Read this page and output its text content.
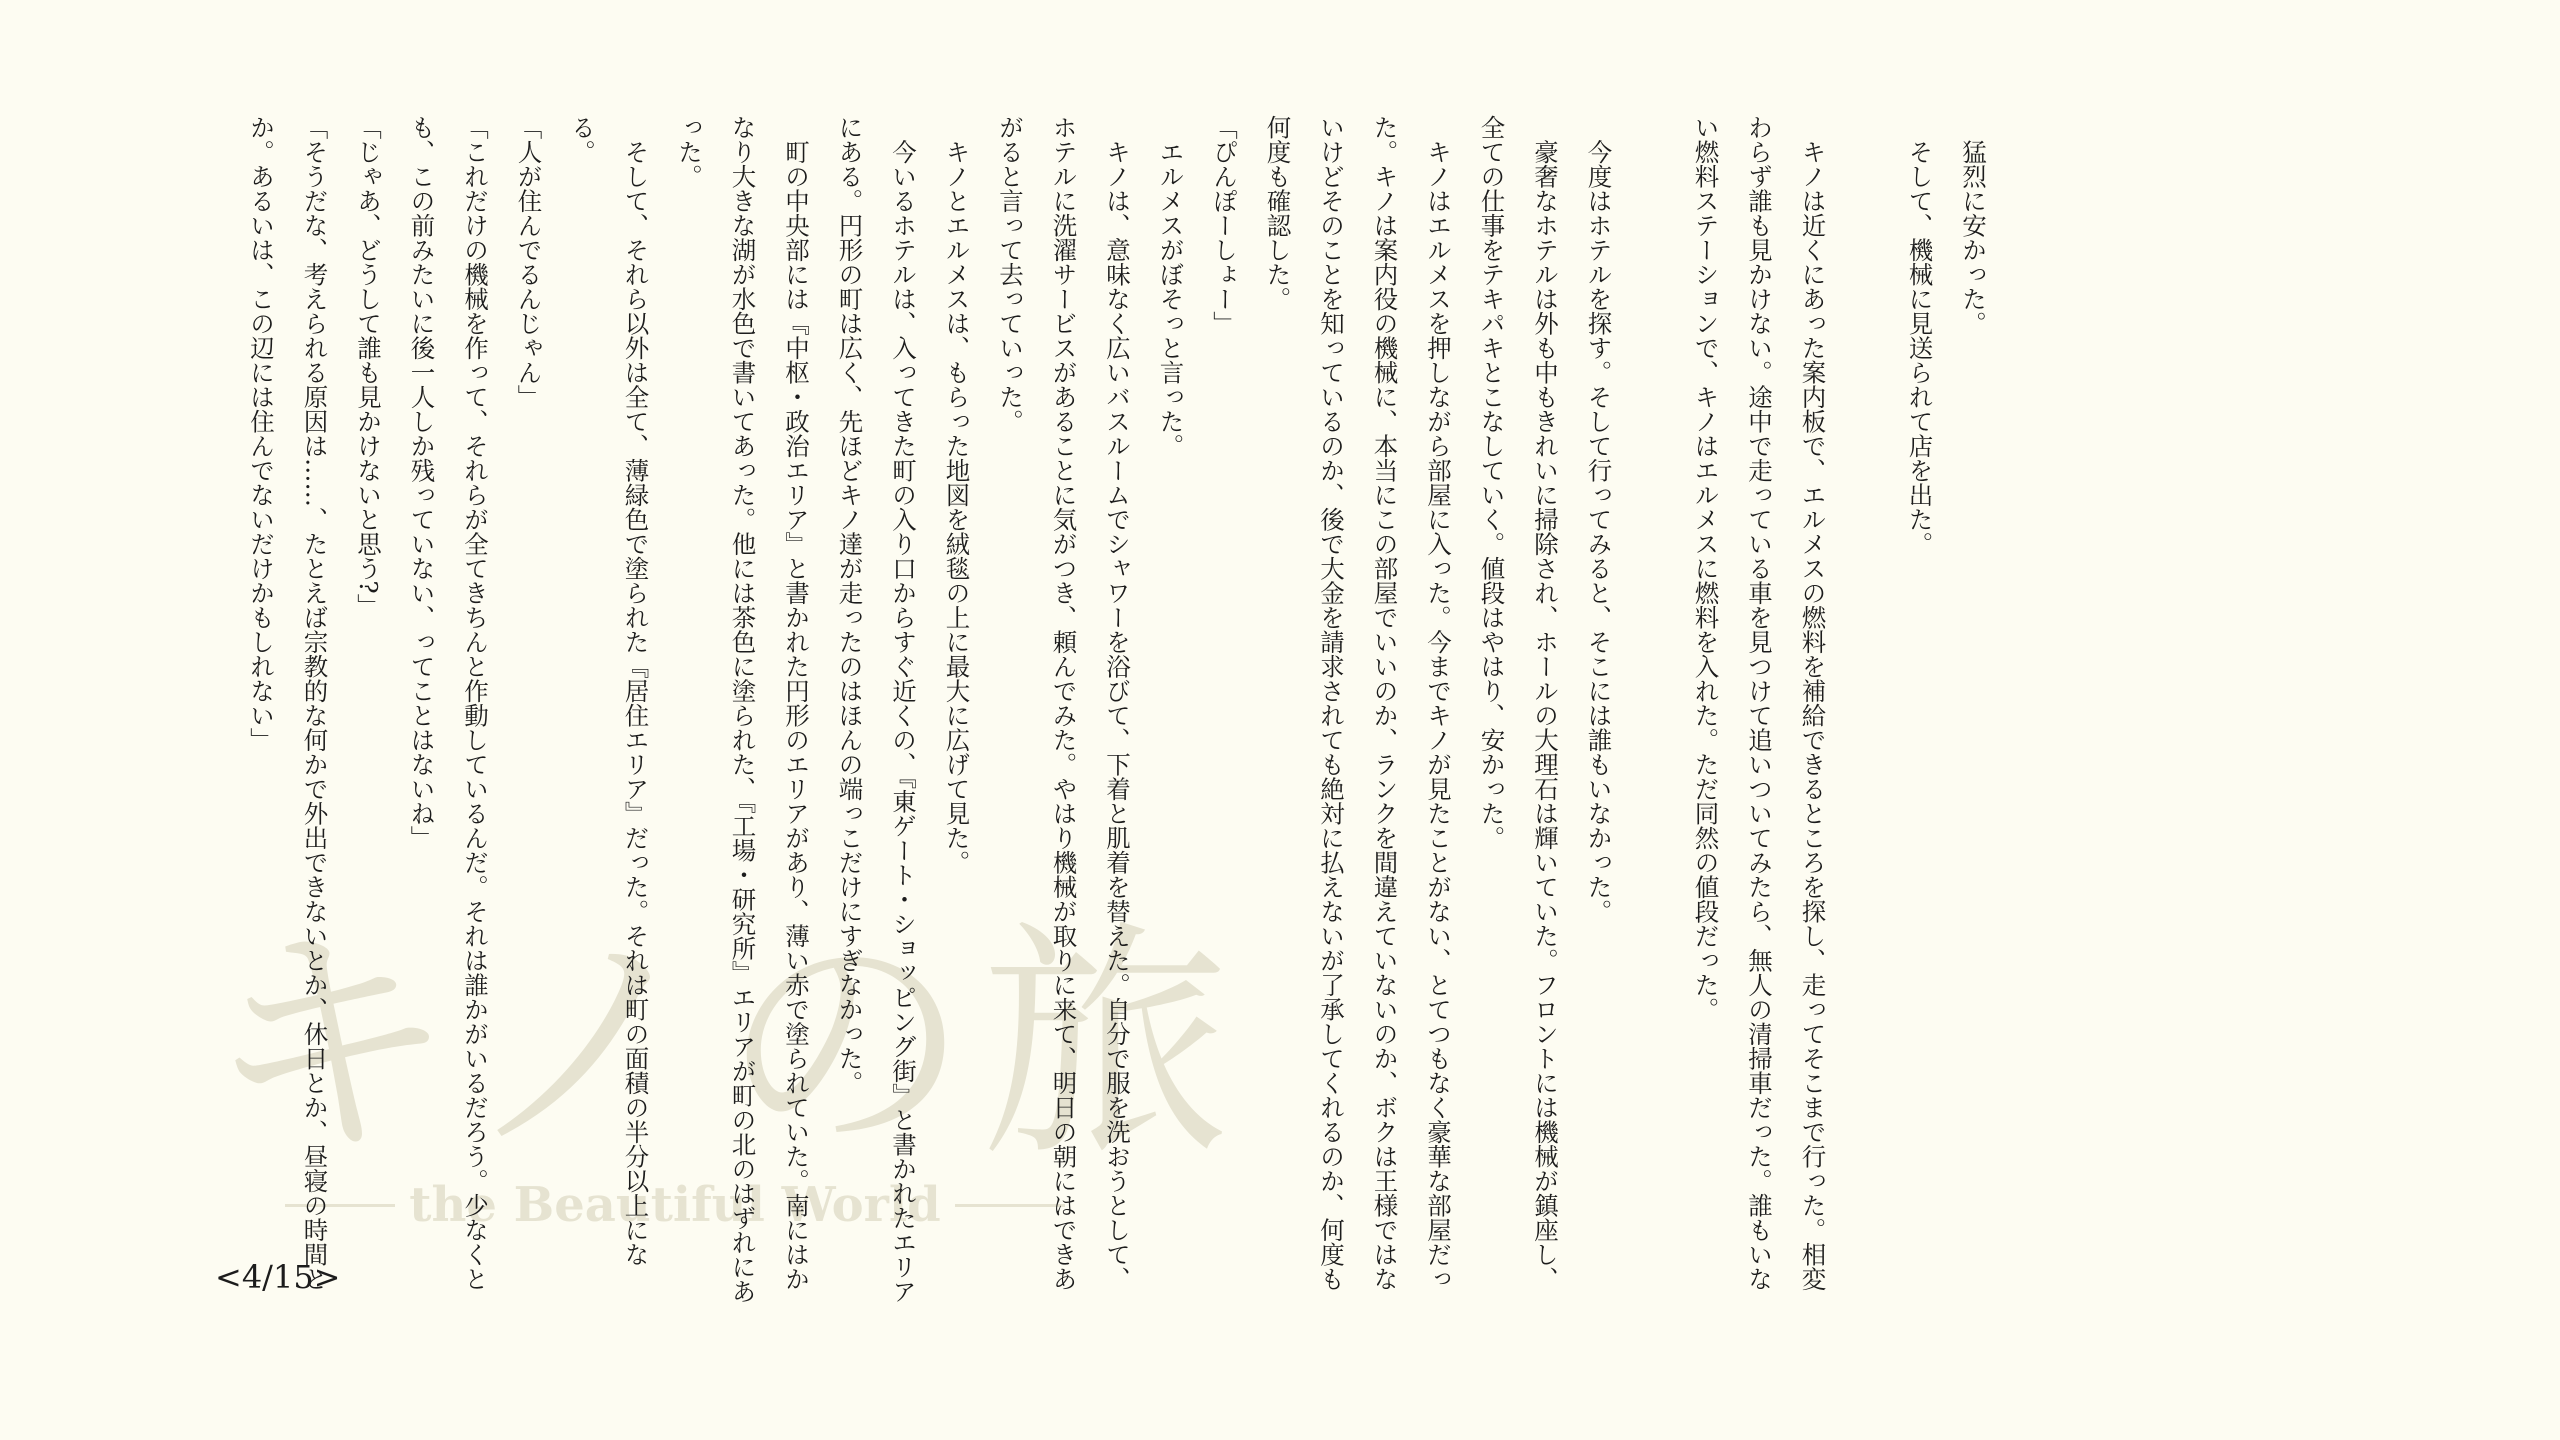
キノの旅
the Beautiful World

　猛烈に安かった。

　そして、機械に見送られて店を出た。

　キノは近くにあった案内板で、エルメスの燃料を補給できるところを探し、走ってそこまで行った。相変わらず誰も見かけない。途中で走っている車を見つけて追いついてみたら、無人の清掃車だった。誰もいない燃料ステーションで、キノはエルメスに燃料を入れた。ただ同然の値段だった。

　今度はホテルを探す。そして行ってみると、そこには誰もいなかった。

　豪奢なホテルは外も中もきれいに掃除され、ホールの大理石は輝いていた。フロントには機械が鎮座し、全ての仕事をテキパキとこなしていく。値段はやはり、安かった。

　キノはエルメスを押しながら部屋に入った。今までキノが見たことがない、とてつもなく豪華な部屋だった。キノは案内役の機械に、本当にこの部屋でいいのか、ランクを間違えていないのか、ボクは王様ではないけどそのことを知っているのか、後で大金を請求されても絶対に払えないが了承してくれるのか、何度も何度も確認した。

「ぴんぽーしょー」

　エルメスがぼそっと言った。

　キノは、意味なく広いバスルームでシャワーを浴びて、下着と肌着を替えた。自分で服を洗おうとして、ホテルに洗濯サービスがあることに気がつき、頼んでみた。やはり機械が取りに来て、明日の朝にはできあがると言って去っていった。

　キノとエルメスは、もらった地図を絨毯の上に最大に広げて見た。

　今いるホテルは、入ってきた町の入り口からすぐ近くの、『東ゲート・ショッピング街』と書かれたエリアにある。円形の町は広く、先ほどキノ達が走ったのはほんの端っこだけにすぎなかった。

　町の中央部には『中枢・政治エリア』と書かれた円形のエリアがあり、薄い赤で塗られていた。南にはかなり大きな湖が水色で書いてあった。他には茶色に塗られた、『工場・研究所』エリアが町の北のはずれにあった。

　そして、それら以外は全て、薄緑色で塗られた『居住エリア』だった。それは町の面積の半分以上になる。

「人が住んでるんじゃん」

「これだけの機械を作って、それらが全てきちんと作動しているんだ。それは誰かがいるだろう。少なくとも、この前みたいに後一人しか残っていない、ってことはないね」

「じゃあ、どうして誰も見かけないと思う?」

「そうだな、考えられる原因は……、たとえば宗教的な何かで外出できないとか、休日とか、昼寝の時間とか。あるいは、この辺には住んでないだけかもしれない」

<4/15>
